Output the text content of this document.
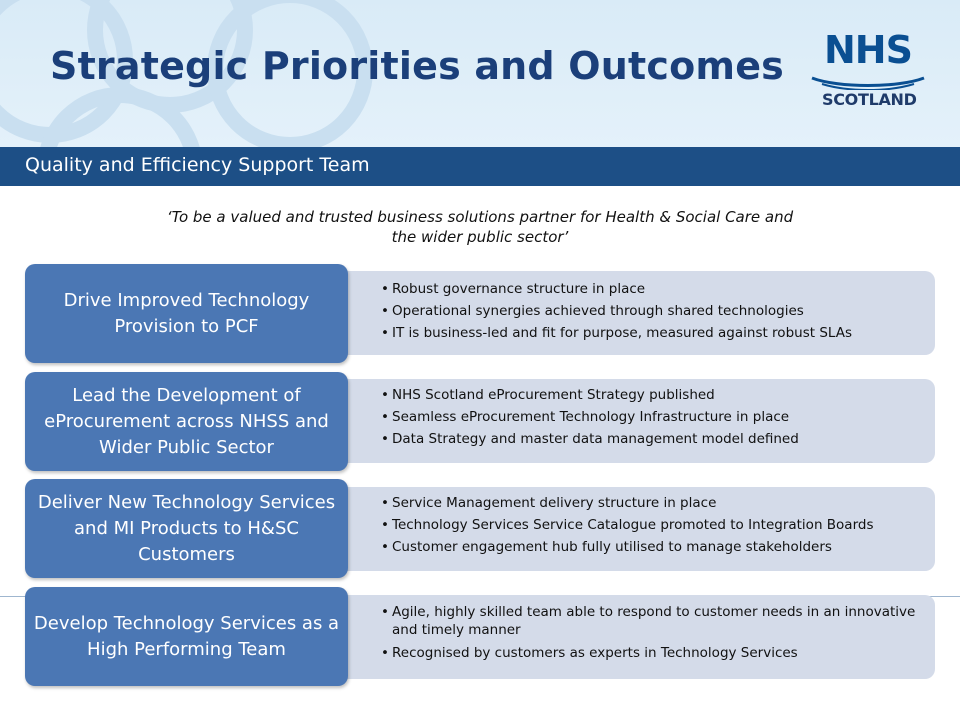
Strategic Priorities and Outcomes NHS
SCOTLAND
Quality and Efficiency Support Team
‘To be a valued and trusted business solutions partner for Health & Social Care and
the wider public sector’
• Robust governance structure in place
• Operational synergies achieved through shared technologies
• IT is business-led and fit for purpose, measured against robust SLAs
Drive Improved Technology Provision to PCF
• NHS Scotland eProcurement Strategy published
• Seamless eProcurement Technology Infrastructure in place
• Data Strategy and master data management model defined
Lead the Development of eProcurement across NHSS and Wider Public Sector
• Service Management delivery structure in place
• Technology Services Service Catalogue promoted to Integration Boards
• Customer engagement hub fully utilised to manage stakeholders
Deliver New Technology Services and MI Products to H&SC Customers
• Agile, highly skilled team able to respond to customer needs in an innovative and timely manner
• Recognised by customers as experts in Technology Services
Develop Technology Services as a High Performing Team
